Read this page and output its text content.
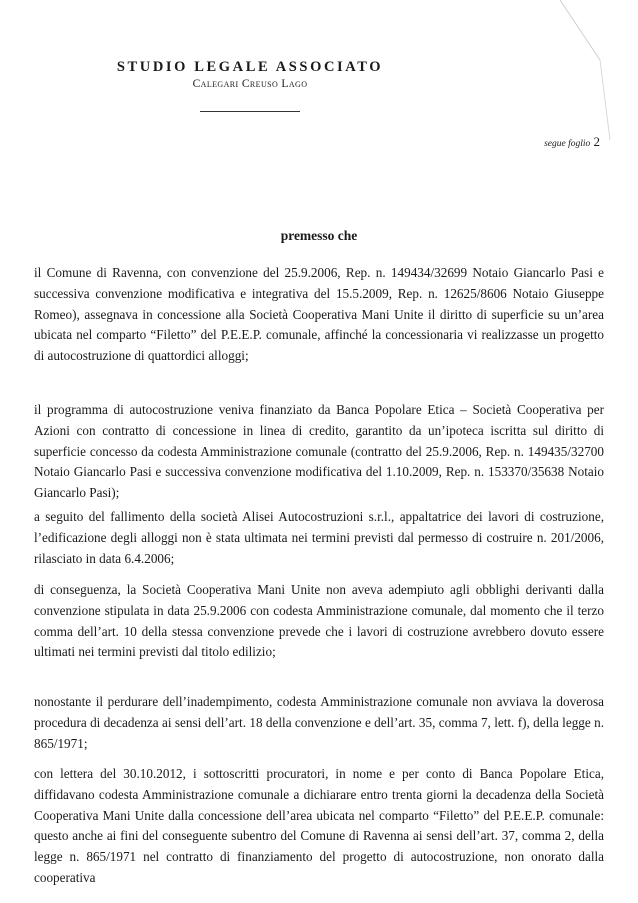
STUDIO LEGALE ASSOCIATO
Calegari Creuso Lago
segue foglio 2
premesso che

il Comune di Ravenna, con convenzione del 25.9.2006, Rep. n. 149434/32699 Notaio Giancarlo Pasi e successiva convenzione modificativa e integrativa del 15.5.2009, Rep. n. 12625/8606 Notaio Giuseppe Romeo), assegnava in concessione alla Società Cooperativa Mani Unite il diritto di superficie su un’area ubicata nel comparto “Filetto” del P.E.E.P. comunale, affinché la concessionaria vi realizzasse un progetto di autocostruzione di quattordici alloggi;

il programma di autocostruzione veniva finanziato da Banca Popolare Etica – Società Cooperativa per Azioni con contratto di concessione in linea di credito, garantito da un’ipoteca iscritta sul diritto di superficie concesso da codesta Amministrazione comunale (contratto del 25.9.2006, Rep. n. 149435/32700 Notaio Giancarlo Pasi e successiva convenzione modificativa del 1.10.2009, Rep. n. 153370/35638 Notaio Giancarlo Pasi);

a seguito del fallimento della società Alisei Autocostruzioni s.r.l., appaltatrice dei lavori di costruzione, l’edificazione degli alloggi non è stata ultimata nei termini previsti dal permesso di costruire n. 201/2006, rilasciato in data 6.4.2006;

di conseguenza, la Società Cooperativa Mani Unite non aveva adempiuto agli obblighi derivanti dalla convenzione stipulata in data 25.9.2006 con codesta Amministrazione comunale, dal momento che il terzo comma dell’art. 10 della stessa convenzione prevede che i lavori di costruzione avrebbero dovuto essere ultimati nei termini previsti dal titolo edilizio;

nonostante il perdurare dell’inadempimento, codesta Amministrazione comunale non avviava la doverosa procedura di decadenza ai sensi dell’art. 18 della convenzione e dell’art. 35, comma 7, lett. f), della legge n. 865/1971;

con lettera del 30.10.2012, i sottoscritti procuratori, in nome e per conto di Banca Popolare Etica, diffidavano codesta Amministrazione comunale a dichiarare entro trenta giorni la decadenza della Società Cooperativa Mani Unite dalla concessione dell’area ubicata nel comparto “Filetto” del P.E.E.P. comunale: questo anche ai fini del conseguente subentro del Comune di Ravenna ai sensi dell’art. 37, comma 2, della legge n. 865/1971 nel contratto di finanziamento del progetto di autocostruzione, non onorato dalla cooperativa
